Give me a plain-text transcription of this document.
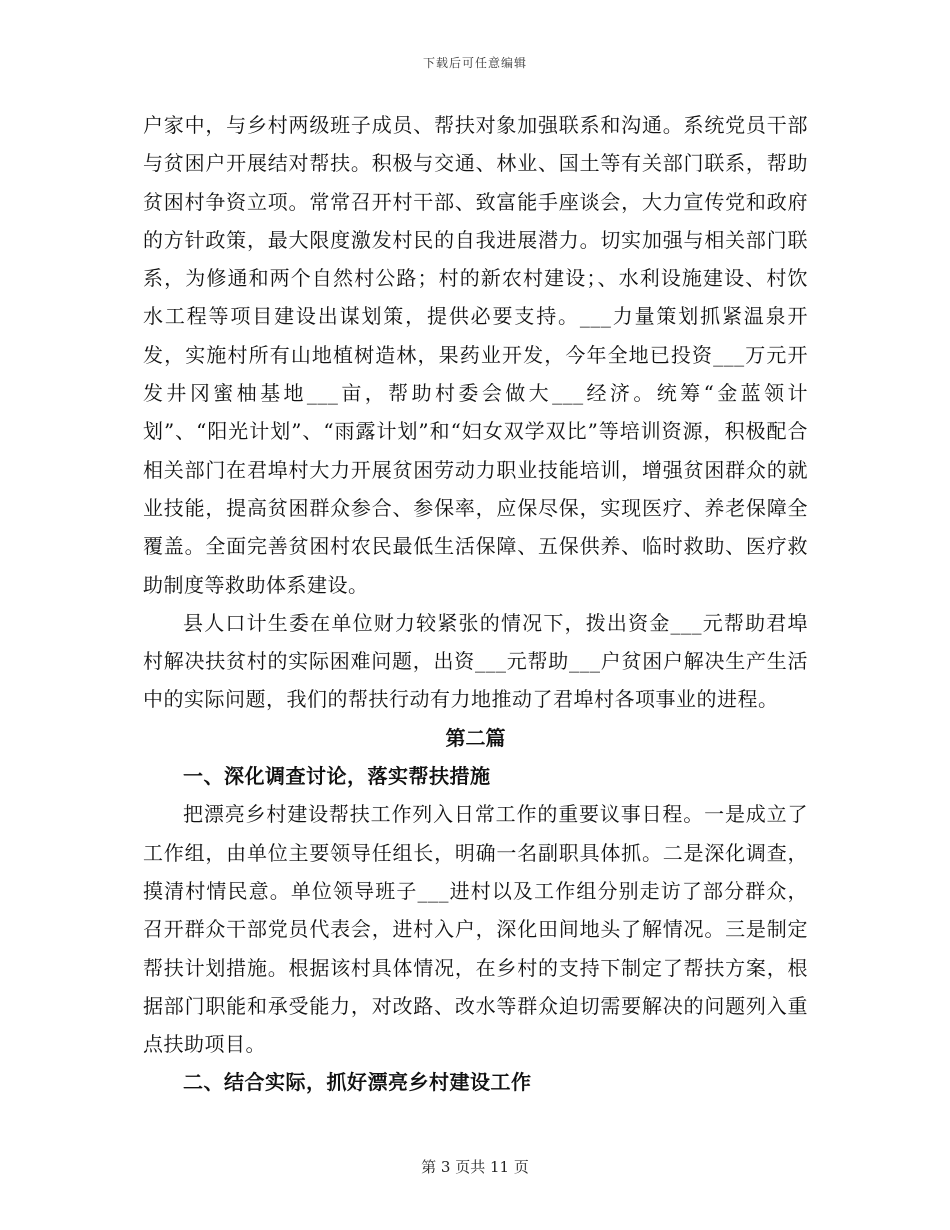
下载后可任意编辑

户家中，与乡村两级班子成员、帮扶对象加强联系和沟通。系统党员干部与贫困户开展结对帮扶。积极与交通、林业、国土等有关部门联系，帮助贫困村争资立项。常常召开村干部、致富能手座谈会，大力宣传党和政府的方针政策，最大限度激发村民的自我进展潜力。切实加强与相关部门联系，为修通和两个自然村公路；村的新农村建设；、水利设施建设、村饮水工程等项目建设出谋划策，提供必要支持。___力量策划抓紧温泉开发，实施村所有山地植树造林，果药业开发，今年全地已投资___万元开发井冈蜜柚基地___亩，帮助村委会做大___经济。统筹“金蓝领计划”、“阳光计划”、“雨露计划”和“妇女双学双比”等培训资源，积极配合相关部门在君埠村大力开展贫困劳动力职业技能培训，增强贫困群众的就业技能，提高贫困群众参合、参保率，应保尽保，实现医疗、养老保障全覆盖。全面完善贫困村农民最低生活保障、五保供养、临时救助、医疗救助制度等救助体系建设。

县人口计生委在单位财力较紧张的情况下，拨出资金___元帮助君埠村解决扶贫村的实际困难问题，出资___元帮助___户贫困户解决生产生活中的实际问题，我们的帮扶行动有力地推动了君埠村各项事业的进程。

第二篇

一、深化调查讨论，落实帮扶措施

把漂亮乡村建设帮扶工作列入日常工作的重要议事日程。一是成立了工作组，由单位主要领导任组长，明确一名副职具体抓。二是深化调查，摸清村情民意。单位领导班子___进村以及工作组分别走访了部分群众，召开群众干部党员代表会，进村入户，深化田间地头了解情况。三是制定帮扶计划措施。根据该村具体情况，在乡村的支持下制定了帮扶方案，根据部门职能和承受能力，对改路、改水等群众迫切需要解决的问题列入重点扶助项目。

二、结合实际，抓好漂亮乡村建设工作

第 3 页共 11 页
